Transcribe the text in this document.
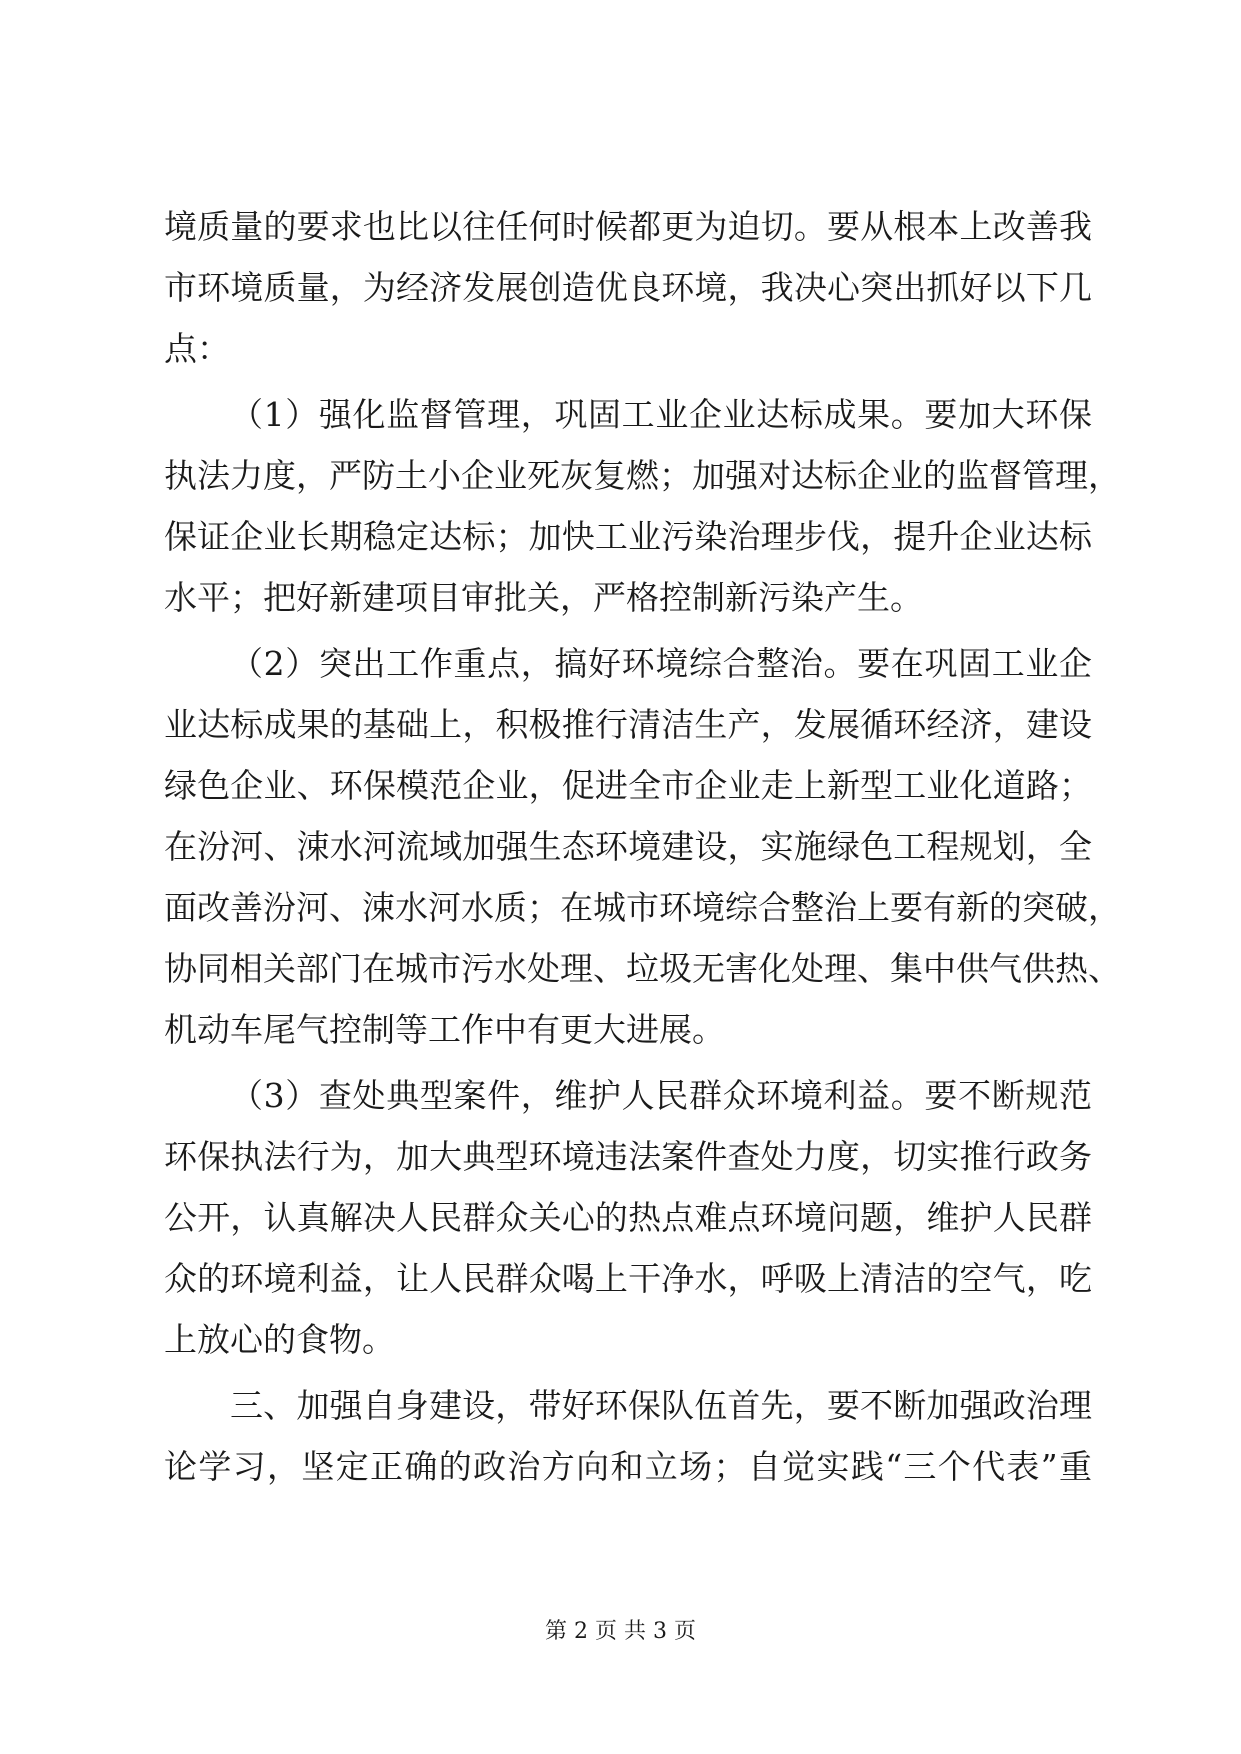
境质量的要求也比以往任何时候都更为迫切。要从根本上改善我
市环境质量，为经济发展创造优良环境，我决心突出抓好以下几
点：
（1）强化监督管理，巩固工业企业达标成果。要加大环保
执法力度，严防土小企业死灰复燃；加强对达标企业的监督管理，
保证企业长期稳定达标；加快工业污染治理步伐，提升企业达标
水平；把好新建项目审批关，严格控制新污染产生。
（2）突出工作重点，搞好环境综合整治。要在巩固工业企
业达标成果的基础上，积极推行清洁生产，发展循环经济，建设
绿色企业、环保模范企业，促进全市企业走上新型工业化道路；
在汾河、涑水河流域加强生态环境建设，实施绿色工程规划，全
面改善汾河、涑水河水质；在城市环境综合整治上要有新的突破，
协同相关部门在城市污水处理、垃圾无害化处理、集中供气供热、
机动车尾气控制等工作中有更大进展。
（3）查处典型案件，维护人民群众环境利益。要不断规范
环保执法行为，加大典型环境违法案件查处力度，切实推行政务
公开，认真解决人民群众关心的热点难点环境问题，维护人民群
众的环境利益，让人民群众喝上干净水，呼吸上清洁的空气，吃
上放心的食物。
三、加强自身建设，带好环保队伍首先，要不断加强政治理
论学习，坚定正确的政治方向和立场；自觉实践“三个代表”重
第 2 页 共 3 页
